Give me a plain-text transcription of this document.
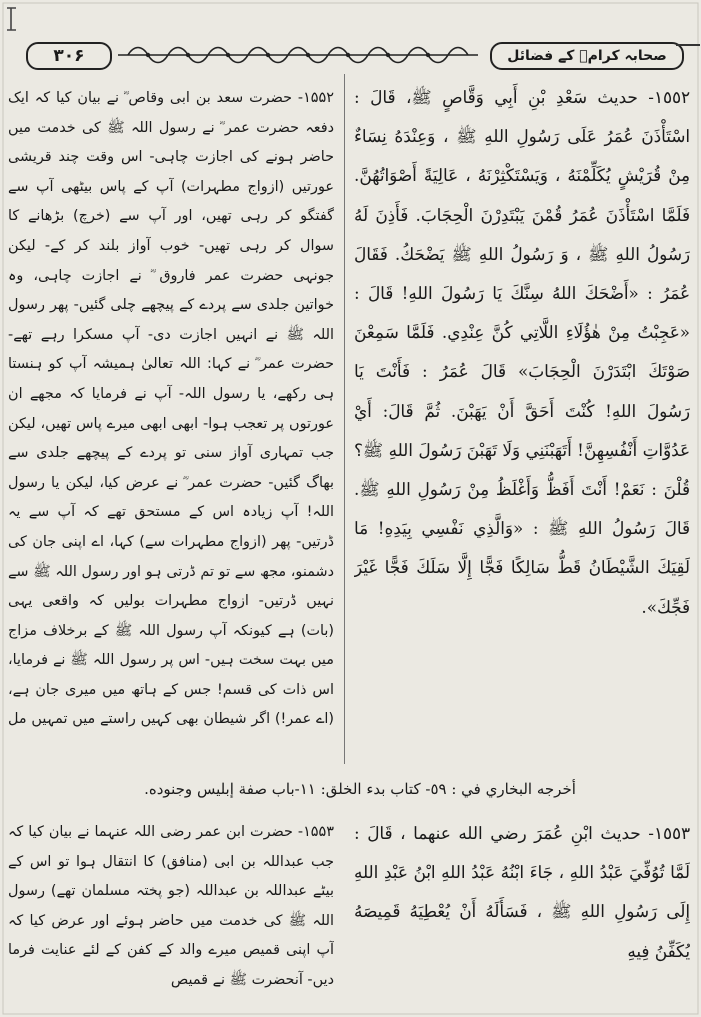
۳۰۶	صحابہ کرامؓ کے فضائل

۱۵۵۲- حضرت سعد بن ابی وقاص ؓ نے بیان کیا کہ ایک دفعہ حضرت عمر ؓ نے رسول اللہ ﷺ کی خدمت میں حاضر ہونے کی اجازت چاہی- اس وقت چند قریشی عورتیں (ازواج مطہرات) آپ کے پاس بیٹھی آپ سے گفتگو کر رہی تھیں، اور آپ سے (خرچ) بڑھانے کا سوال کر رہی تھیں- خوب آواز بلند کر کے- لیکن جونہی حضرت عمر فاروق ؓ نے اجازت چاہی، وہ خواتین جلدی سے پردے کے پیچھے چلی گئیں- پھر رسول اللہ ﷺ نے انہیں اجازت دی- آپ مسکرا رہے تھے- حضرت عمر ؓ نے کہا: اللہ تعالیٰ ہمیشہ آپ کو ہنستا ہی رکھے، یا رسول اللہ- آپ نے فرمایا کہ مجھے ان عورتوں پر تعجب ہوا- ابھی ابھی میرے پاس تھیں، لیکن جب تمہاری آواز سنی تو پردے کے پیچھے جلدی سے بھاگ گئیں- حضرت عمر ؓ نے عرض کیا، لیکن یا رسول اللہ! آپ زیادہ اس کے مستحق تھے کہ آپ سے یہ ڈرتیں- پھر (ازواج مطہرات سے) کہا، اے اپنی جان کی دشمنو، مجھ سے تو تم ڈرتی ہو اور رسول اللہ ﷺ سے نہیں ڈرتیں- ازواج مطہرات بولیں کہ واقعی یہی (بات) ہے کیونکہ آپ رسول اللہ ﷺ کے برخلاف مزاج میں بہت سخت ہیں- اس پر رسول اللہ ﷺ نے فرمایا، اس ذات کی قسم! جس کے ہاتھ میں میری جان ہے، (اے عمر!) اگر شیطان بھی کہیں راستے میں تمہیں مل

١٥٥٢- حديث سَعْدِ بْنِ أَبِي وَقَّاصٍ ﷺ، قَالَ : اسْتَأْذَنَ عُمَرُ عَلَى رَسُولِ اللهِ ﷺ ، وَعِنْدَهُ نِسَاءٌ مِنْ قُرَيْشٍ يُكَلِّمْنَهُ ، وَيَسْتَكْثِرْنَهُ ، عَالِيَةً أَصْوَاتُهُنَّ. فَلَمَّا اسْتَأْذَنَ عُمَرُ قُمْنَ يَبْتَدِرْنَ الْحِجَابَ. فَأَذِنَ لَهُ رَسُولُ اللهِ ﷺ ، وَ رَسُولُ اللهِ ﷺ يَضْحَكُ. فَقَالَ عُمَرُ : «أَضْحَكَ اللهُ سِنَّكَ يَا رَسُولَ اللهِ! قَالَ : «عَجِبْتُ مِنْ هٰؤُلَاءِ اللَّاتِي كُنَّ عِنْدِي. فَلَمَّا سَمِعْنَ صَوْتَكَ ابْتَدَرْنَ الْحِجَابَ» قَالَ عُمَرُ : فَأَنْتَ يَا رَسُولَ اللهِ! كُنْتَ أَحَقَّ أَنْ يَهَبْنَ. ثُمَّ قَالَ: أَيْ عَدُوَّاتِ أَنْفُسِهِنَّ! أَتَهَبْنَنِي وَلَا تَهَبْنَ رَسُولَ اللهِ ﷺ؟ قُلْنَ : نَعَمْ! أَنْتَ أَفَظُّ وَأَغْلَظُ مِنْ رَسُولِ اللهِ ﷺ. قَالَ رَسُولُ اللهِ ﷺ : «وَالَّذِي نَفْسِي بِيَدِهِ! مَا لَقِيَكَ الشَّيْطَانُ قَطُّ سَالِكًا فَجًّا إِلَّا سَلَكَ فَجًّا غَيْرَ فَجِّكَ».

أخرجه البخاري في : ٥٩- كتاب بدء الخلق: ١١-باب صفة إبليس وجنوده.

۱۵۵۳- حضرت ابن عمر رضی اللہ عنہما نے بیان کیا کہ جب عبداللہ بن ابی (منافق) کا انتقال ہوا تو اس کے بیٹے عبداللہ بن عبداللہ (جو پختہ مسلمان تھے) رسول اللہ ﷺ کی خدمت میں حاضر ہوئے اور عرض کیا کہ آپ اپنی قمیص میرے والد کے کفن کے لئے عنایت فرما دیں- آنحضرت ﷺ نے قمیص

١٥٥٣- حديث ابْنِ عُمَرَ رضي الله عنهما ، قَالَ : لَمَّا تُوُفِّيَ عَبْدُ اللهِ ، جَاءَ ابْنُهُ عَبْدُ اللهِ ابْنُ عَبْدِ اللهِ إِلَى رَسُولِ اللهِ ﷺ ، فَسَأَلَهُ أَنْ يُعْطِيَهُ قَمِيصَهُ يُكَفِّنُ فِيهِ
